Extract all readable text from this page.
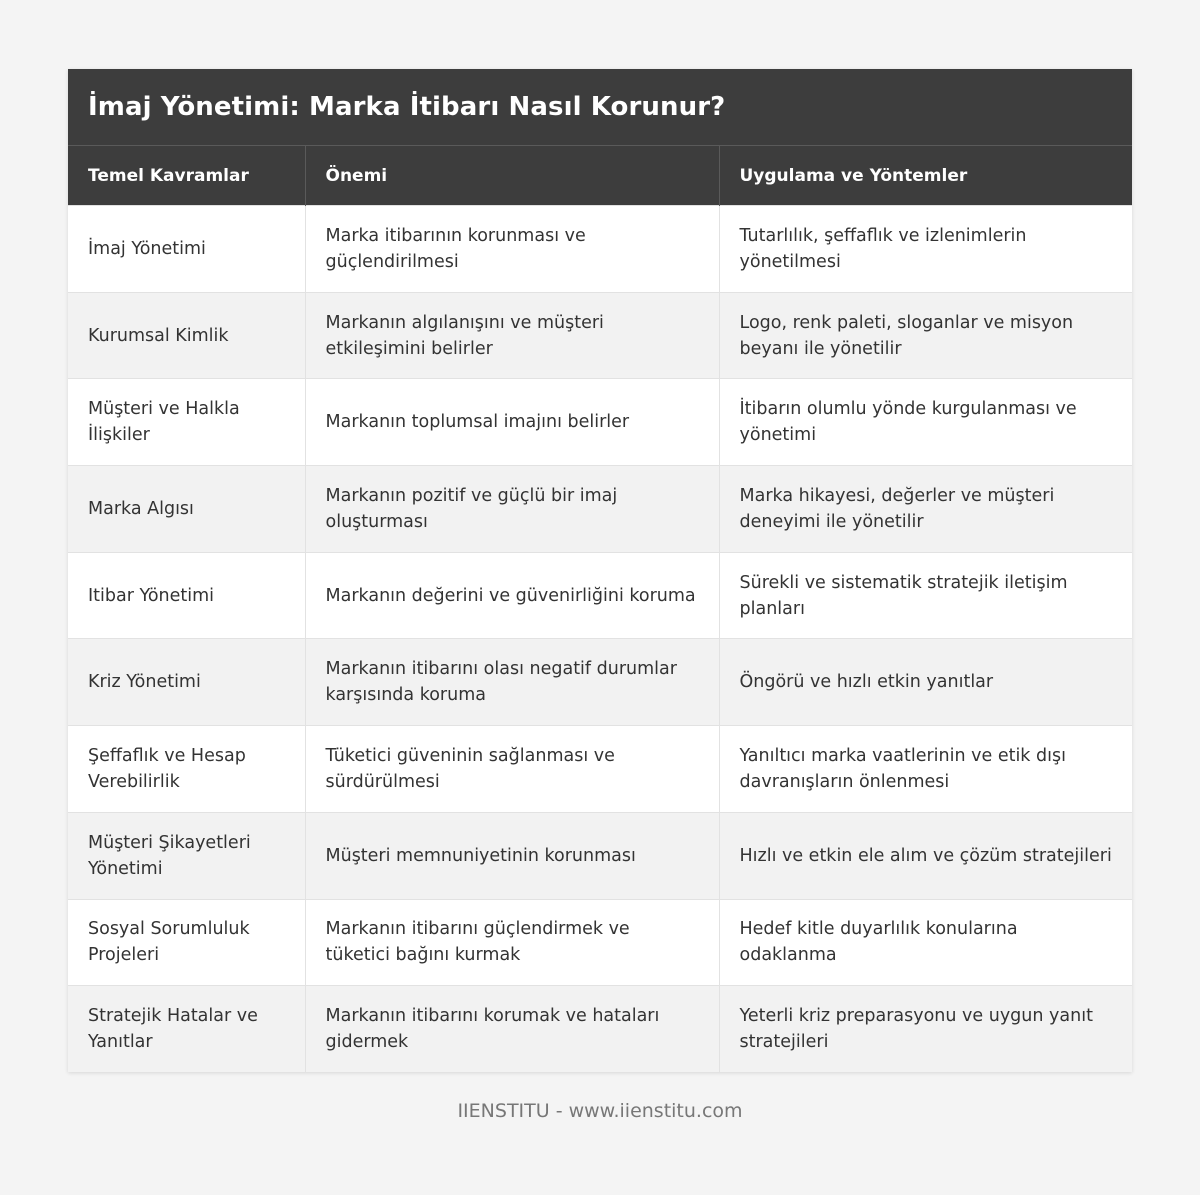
İmaj Yönetimi: Marka İtibarı Nasıl Korunur?
Temel Kavramlar	Önemi	Uygulama ve Yöntemler
İmaj Yönetimi	Marka itibarının korunması ve güçlendirilmesi	Tutarlılık, şeffaflık ve izlenimlerin yönetilmesi
Kurumsal Kimlik	Markanın algılanışını ve müşteri etkileşimini belirler	Logo, renk paleti, sloganlar ve misyon beyanı ile yönetilir
Müşteri ve Halkla İlişkiler	Markanın toplumsal imajını belirler	İtibarın olumlu yönde kurgulanması ve yönetimi
Marka Algısı	Markanın pozitif ve güçlü bir imaj oluşturması	Marka hikayesi, değerler ve müşteri deneyimi ile yönetilir
Itibar Yönetimi	Markanın değerini ve güvenirliğini koruma	Sürekli ve sistematik stratejik iletişim planları
Kriz Yönetimi	Markanın itibarını olası negatif durumlar karşısında koruma	Öngörü ve hızlı etkin yanıtlar
Şeffaflık ve Hesap Verebilirlik	Tüketici güveninin sağlanması ve sürdürülmesi	Yanıltıcı marka vaatlerinin ve etik dışı davranışların önlenmesi
Müşteri Şikayetleri Yönetimi	Müşteri memnuniyetinin korunması	Hızlı ve etkin ele alım ve çözüm stratejileri
Sosyal Sorumluluk Projeleri	Markanın itibarını güçlendirmek ve tüketici bağını kurmak	Hedef kitle duyarlılık konularına odaklanma
Stratejik Hatalar ve Yanıtlar	Markanın itibarını korumak ve hataları gidermek	Yeterli kriz preparasyonu ve uygun yanıt stratejileri
IIENSTITU - www.iienstitu.com
